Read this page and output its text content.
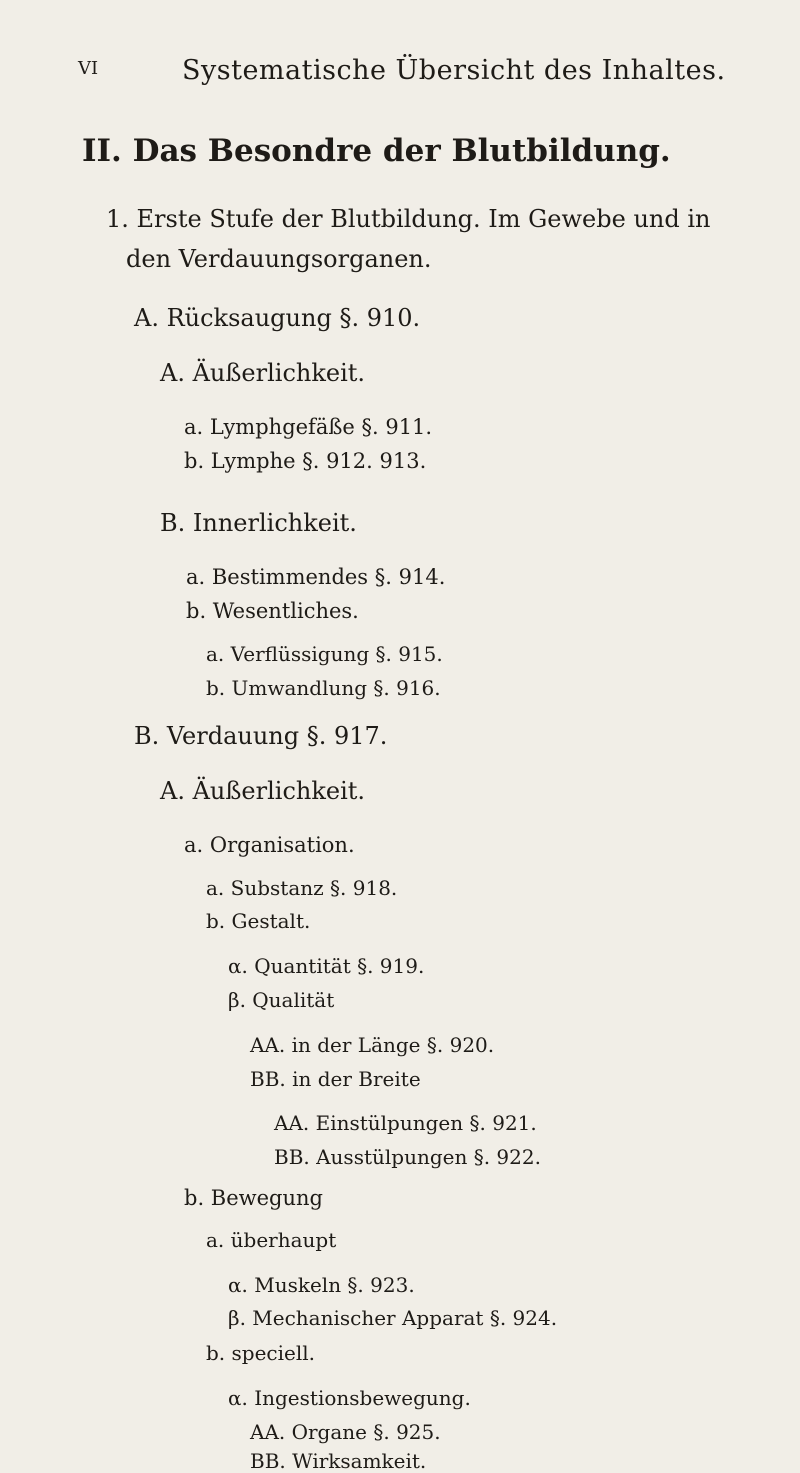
VI	Systematische Übersicht des Inhaltes.
II. Das Besondre der Blutbildung.
1. Erste Stufe der Blutbildung. Im Gewebe und in
den Verdauungsorganen.
A. Rücksaugung §. 910.
A. Äußerlichkeit.
a. Lymphgefäße §. 911.
b. Lymphe §. 912. 913.
B. Innerlichkeit.
a. Bestimmendes §. 914.
b. Wesentliches.
a. Verflüssigung §. 915.
b. Umwandlung §. 916.
B. Verdauung §. 917.
A. Äußerlichkeit.
a. Organisation.
a. Substanz §. 918.
b. Gestalt.
α. Quantität §. 919.
β. Qualität
AA. in der Länge §. 920.
BB. in der Breite
AA. Einstülpungen §. 921.
BB. Ausstülpungen §. 922.
b. Bewegung
a. überhaupt
α. Muskeln §. 923.
β. Mechanischer Apparat §. 924.
b. speciell.
α. Ingestionsbewegung.
AA. Organe §. 925.
BB. Wirksamkeit.
